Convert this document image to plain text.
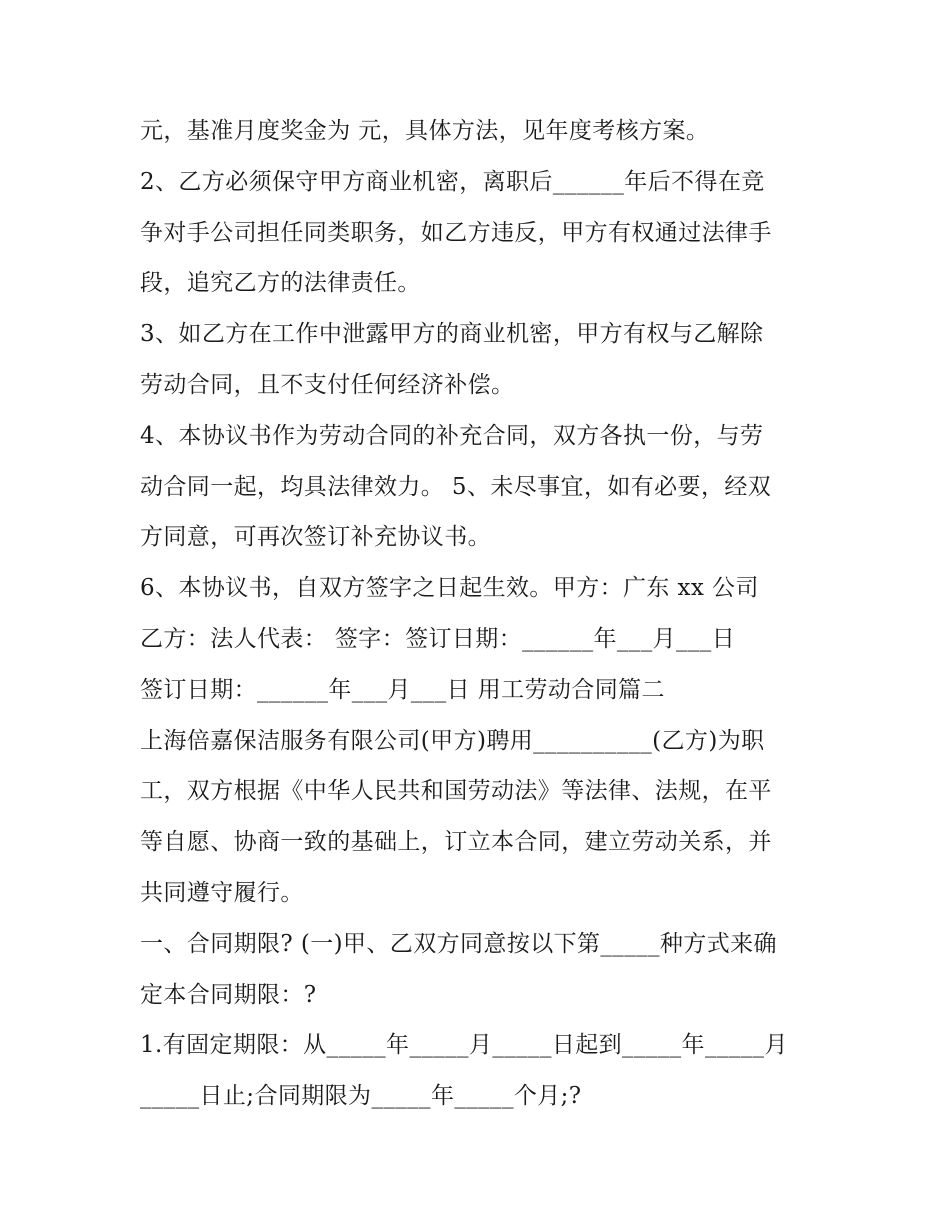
元，基准月度奖金为 元，具体方法，见年度考核方案。
2、乙方必须保守甲方商业机密，离职后______年后不得在竞
争对手公司担任同类职务，如乙方违反，甲方有权通过法律手
段，追究乙方的法律责任。
3、如乙方在工作中泄露甲方的商业机密，甲方有权与乙解除
劳动合同，且不支付任何经济补偿。
4、本协议书作为劳动合同的补充合同，双方各执一份，与劳
动合同一起，均具法律效力。 5、未尽事宜，如有必要，经双
方同意，可再次签订补充协议书。
6、本协议书，自双方签字之日起生效。甲方：广东 xx 公司
乙方：法人代表： 签字：签订日期：______年___月___日
签订日期：______年___月___日 用工劳动合同篇二
上海倍嘉保洁服务有限公司(甲方)聘用__________(乙方)为职
工，双方根据《中华人民共和国劳动法》等法律、法规，在平
等自愿、协商一致的基础上，订立本合同，建立劳动关系，并
共同遵守履行。
一、合同期限? (一)甲、乙双方同意按以下第_____种方式来确
定本合同期限：?
1.有固定期限：从_____年_____月_____日起到_____年_____月
_____日止;合同期限为_____年_____个月;?
